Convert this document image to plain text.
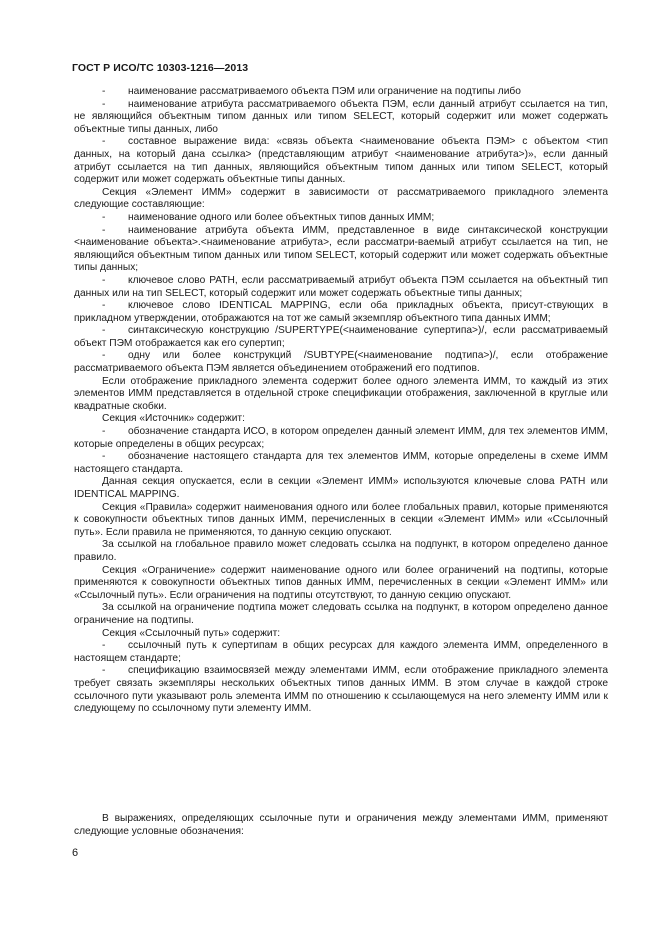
ГОСТ Р ИСО/ТС 10303-1216—2013

- наименование рассматриваемого объекта ПЭМ или ограничение на подтипы либо

- наименование атрибута рассматриваемого объекта ПЭМ, если данный атрибут ссылается на тип, не являющийся объектным типом данных или типом SELECT, который содержит или может содержать объектные типы данных, либо

- составное выражение вида: «связь объекта <наименование объекта ПЭМ> с объектом <тип данных, на который дана ссылка> (представляющим атрибут <наименование атрибута>)», если данный атрибут ссылается на тип данных, являющийся объектным типом данных или типом SELECT, который содержит или может содержать объектные типы данных.

Секция «Элемент ИММ» содержит в зависимости от рассматриваемого прикладного элемента следующие составляющие:

- наименование одного или более объектных типов данных ИММ;

- наименование атрибута объекта ИММ, представленное в виде синтаксической конструкции <наименование объекта>.<наименование атрибута>, если рассматри-ваемый атрибут ссылается на тип, не являющийся объектным типом данных или типом SELECT, который содержит или может содержать объектные типы данных;

- ключевое слово PATH, если рассматриваемый атрибут объекта ПЭМ ссылается на объектный тип данных или на тип SELECT, который содержит или может содержать объектные типы данных;

- ключевое слово IDENTICAL MAPPING, если оба прикладных объекта, присут-ствующих в прикладном утверждении, отображаются на тот же самый экземпляр объектного типа данных ИММ;

- синтаксическую конструкцию /SUPERTYPE(<наименование супертипа>)/, если рассматриваемый объект ПЭМ отображается как его супертип;

- одну или более конструкций /SUBTYPE(<наименование подтипа>)/, если отображение рассматриваемого объекта ПЭМ является объединением отображений его подтипов.

Если отображение прикладного элемента содержит более одного элемента ИММ, то каждый из этих элементов ИММ представляется в отдельной строке спецификации отображения, заключенной в круглые или квадратные скобки.

Секция «Источник» содержит:

- обозначение стандарта ИСО, в котором определен данный элемент ИММ, для тех элементов ИММ, которые определены в общих ресурсах;

- обозначение настоящего стандарта для тех элементов ИММ, которые определены в схеме ИММ настоящего стандарта.

Данная секция опускается, если в секции «Элемент ИММ» используются ключевые слова PATH или IDENTICAL MAPPING.

Секция «Правила» содержит наименования одного или более глобальных правил, которые применяются к совокупности объектных типов данных ИММ, перечисленных в секции «Элемент ИММ» или «Ссылочный путь». Если правила не применяются, то данную секцию опускают.

За ссылкой на глобальное правило может следовать ссылка на подпункт, в котором определено данное правило.

Секция «Ограничение» содержит наименование одного или более ограничений на подтипы, которые применяются к совокупности объектных типов данных ИММ, перечисленных в секции «Элемент ИММ» или «Ссылочный путь». Если ограничения на подтипы отсутствуют, то данную секцию опускают.

За ссылкой на ограничение подтипа может следовать ссылка на подпункт, в котором определено данное ограничение на подтипы.

Секция «Ссылочный путь» содержит:

- ссылочный путь к супертипам в общих ресурсах для каждого элемента ИММ, определенного в настоящем стандарте;

- спецификацию взаимосвязей между элементами ИММ, если отображение прикладного элемента требует связать экземпляры нескольких объектных типов данных ИММ. В этом случае в каждой строке ссылочного пути указывают роль элемента ИММ по отношению к ссылающемуся на него элементу ИММ или к следующему по ссылочному пути элементу ИММ.

В выражениях, определяющих ссылочные пути и ограничения между элементами ИММ, применяют следующие условные обозначения:

6
